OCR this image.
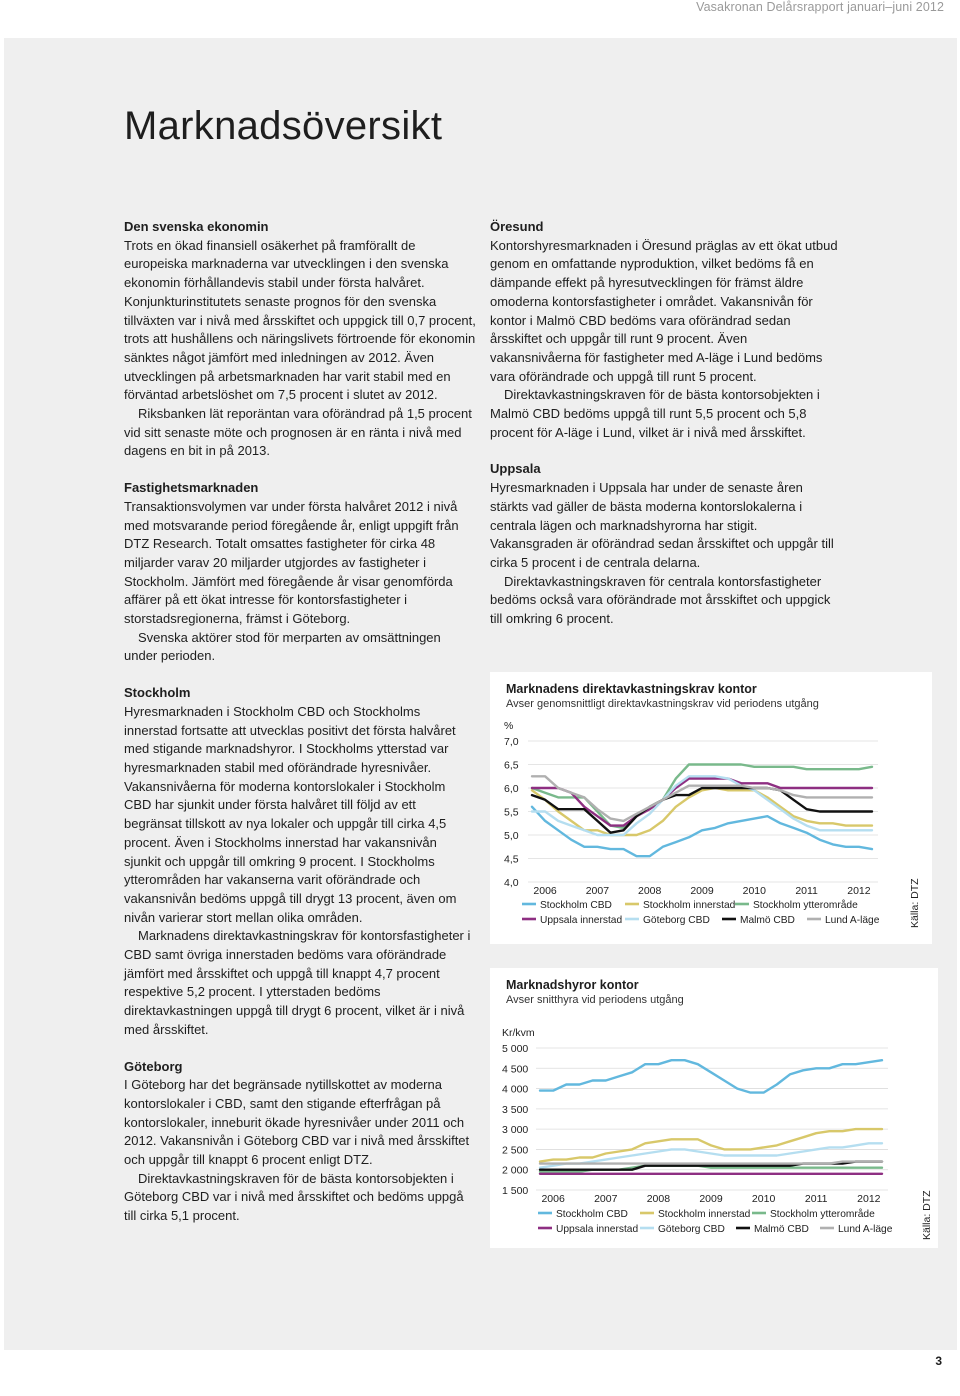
Vasakronan Delårsrapport januari–juni 2012
Marknadsöversikt
Den svenska ekonomin

Trots en ökad finansiell osäkerhet på framförallt de europeiska marknaderna var utvecklingen i den svenska ekonomin förhållandevis stabil under första halvåret. Konjunkturinstitutets senaste prognos för den svenska tillväxten var i nivå med årsskiftet och uppgick till 0,7 procent, trots att hushållens och näringslivets förtroende för ekonomin sänktes något jämfört med inledningen av 2012. Även utvecklingen på arbetsmarknaden har varit stabil med en förväntad arbetslöshet om 7,5 procent i slutet av 2012.

Riksbanken lät reporäntan vara oförändrad på 1,5 procent vid sitt senaste möte och prognosen är en ränta i nivå med dagens en bit in på 2013.

Fastighetsmarknaden

Transaktionsvolymen var under första halvåret 2012 i nivå med motsvarande period föregående år, enligt uppgift från DTZ Research. Totalt omsattes fastigheter för cirka 48 miljarder varav 20 miljarder utgjordes av fastigheter i Stockholm. Jämfört med föregående år visar genomförda affärer på ett ökat intresse för kontorsfastigheter i storstadsregionerna, främst i Göteborg.

Svenska aktörer stod för merparten av omsättningen under perioden.

Stockholm

Hyresmarknaden i Stockholm CBD och Stockholms innerstad fortsatte att utvecklas positivt det första halvåret med stigande marknadshyror. I Stockholms ytterstad var hyresmarknaden stabil med oförändrade hyresnivåer. Vakansnivåerna för moderna kontorslokaler i Stockholm CBD har sjunkit under första halvåret till följd av ett begränsat tillskott av nya lokaler och uppgår till cirka 4,5 procent. Även i Stockholms innerstad har vakansnivån sjunkit och uppgår till omkring 9 procent. I Stockholms ytterområden har vakanserna varit oförändrade och vakansnivån bedöms uppgå till drygt 13 procent, även om nivån varierar stort mellan olika områden.

Marknadens direktavkastningskrav för kontorsfastigheter i CBD samt övriga innerstaden bedöms vara oförändrade jämfört med årsskiftet och uppgå till knappt 4,7 procent respektive 5,2 procent. I ytterstaden bedöms direktavkastningen uppgå till drygt 6 procent, vilket är i nivå med årsskiftet.

Göteborg

I Göteborg har det begränsade nytillskottet av moderna kontorslokaler i CBD, samt den stigande efterfrågan på kontorslokaler, inneburit ökade hyresnivåer under 2011 och 2012. Vakansnivån i Göteborg CBD var i nivå med årsskiftet och uppgår till knappt 6 procent enligt DTZ.

Direktavkastningskraven för de bästa kontorsobjekten i Göteborg CBD var i nivå med årsskiftet och bedöms uppgå till cirka 5,1 procent.

Öresund

Kontorshyresmarknaden i Öresund präglas av ett ökat utbud genom en omfattande nyproduktion, vilket bedöms få en dämpande effekt på hyresutvecklingen för främst äldre omoderna kontorsfastigheter i området. Vakansnivån för kontor i Malmö CBD bedöms vara oförändrad sedan årsskiftet och uppgår till runt 9 procent. Även vakansnivåerna för fastigheter med A-läge i Lund bedöms vara oförändrade och uppgå till runt 5 procent.

Direktavkastningskraven för de bästa kontorsobjekten i Malmö CBD bedöms uppgå till runt 5,5 procent och 5,8 procent för A-läge i Lund, vilket är i nivå med årsskiftet.

Uppsala

Hyresmarknaden i Uppsala har under de senaste åren stärkts vad gäller de bästa moderna kontorslokalerna i centrala lägen och marknadshyrorna har stigit. Vakansgraden är oförändrad sedan årsskiftet och uppgår till cirka 5 procent i de centrala delarna.

Direktavkastningskraven för centrala kontorsfastigheter bedöms också vara oförändrade mot årsskiftet och uppgick till omkring 6 procent.

Marknadens direktavkastningskrav kontor
Avser genomsnittligt direktavkastningskrav vid periodens utgång
%
7,0
6,5
6,0
5,5
5,0
4,5
4,0
2006	2007	2008	2009	2010	2011	2012
Stockholm CBD	Stockholm innerstad Stockholm ytterområde
Uppsala innerstad Göteborg CBD	Malmö CBD	Lund A-läge	Källa: DTZ
Marknadshyror kontor
Avser snitthyra vid periodens utgång
Kr/kvm
5 000
4 500
4 000
3 500
3 000
2 500
2 000
1 500
2006	2007	2008	2009	2010	2011	2012
Stockholm CBD	Stockholm innerstad Stockholm ytterområde
Uppsala innerstad Göteborg CBD	Malmö CBD	Lund A-läge	Källa: DTZ
3
